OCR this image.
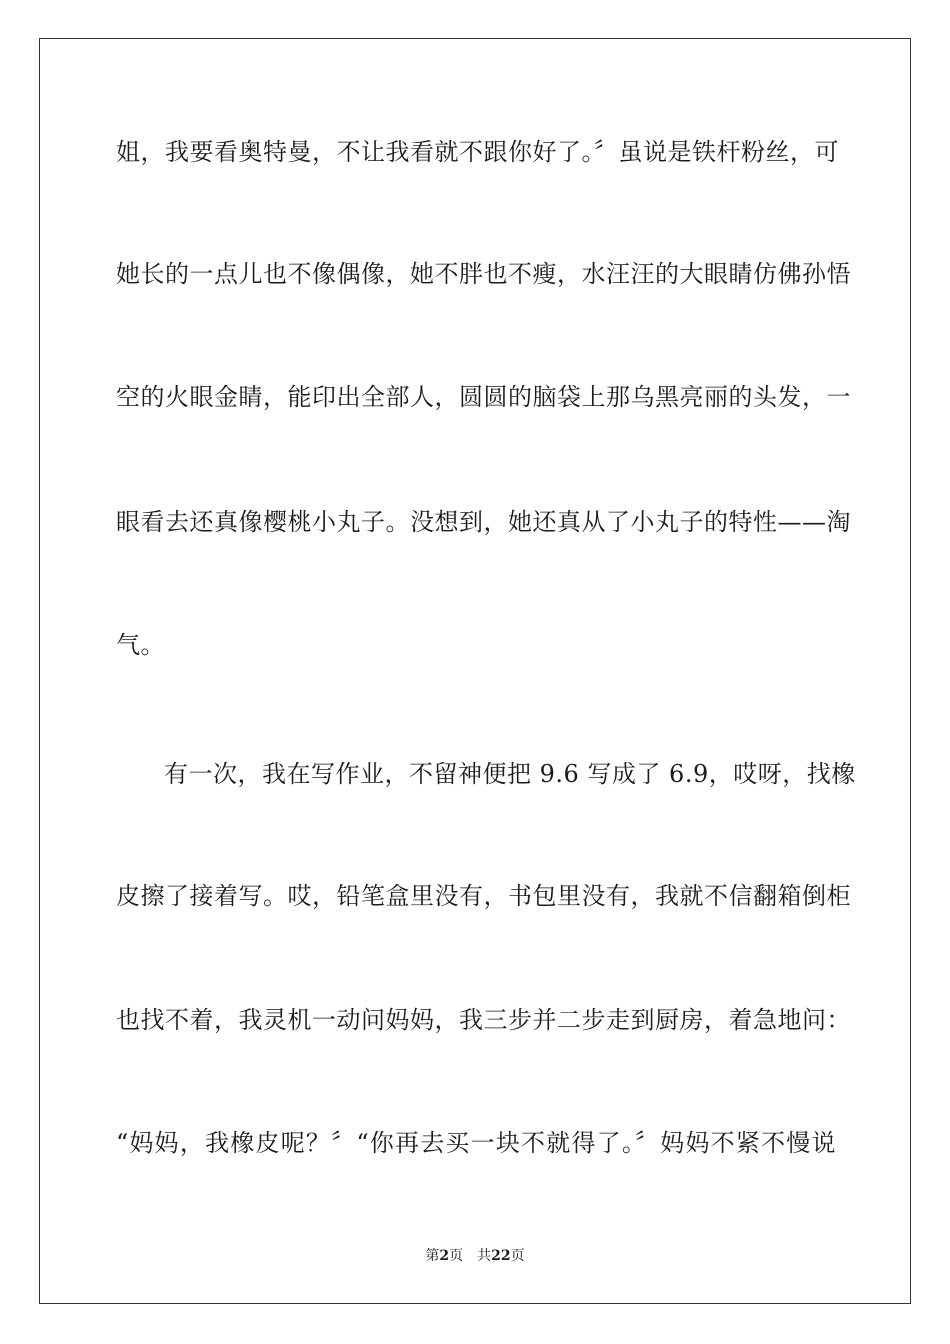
姐，我要看奥特曼，不让我看就不跟你好了。〞虽说是铁杆粉丝，可
她长的一点儿也不像偶像，她不胖也不瘦，水汪汪的大眼睛仿佛孙悟
空的火眼金睛，能印出全部人，圆圆的脑袋上那乌黑亮丽的头发，一
眼看去还真像樱桃小丸子。没想到，她还真从了小丸子的特性——淘
气。
有一次，我在写作业，不留神便把 9.6 写成了 6.9，哎呀，找橡
皮擦了接着写。哎，铅笔盒里没有，书包里没有，我就不信翻箱倒柜
也找不着，我灵机一动问妈妈，我三步并二步走到厨房，着急地问：
“妈妈，我橡皮呢？〞“你再去买一块不就得了。〞妈妈不紧不慢说
第2页 共22页
